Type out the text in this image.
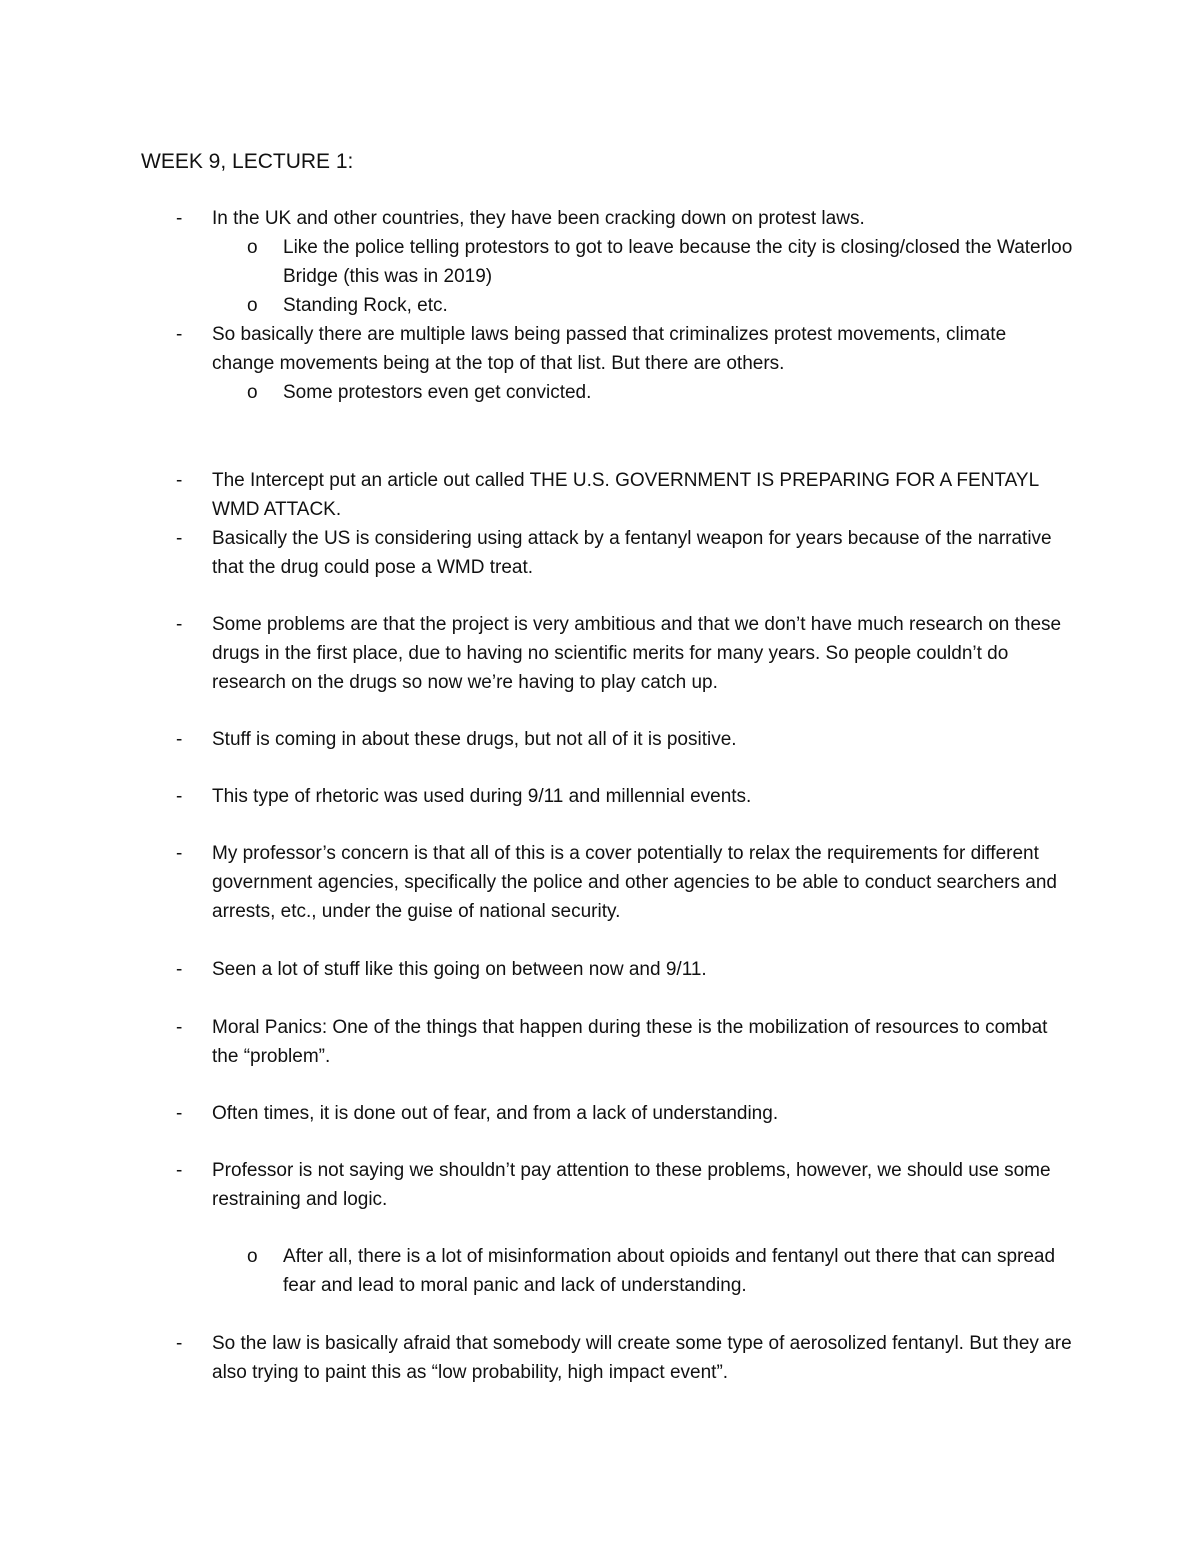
WEEK 9, LECTURE 1:
- In the UK and other countries, they have been cracking down on protest laws.
o Like the police telling protestors to got to leave because the city is closing/closed the Waterloo Bridge (this was in 2019)
o Standing Rock, etc.
- So basically there are multiple laws being passed that criminalizes protest movements, climate change movements being at the top of that list. But there are others.
o Some protestors even get convicted.
- The Intercept put an article out called THE U.S. GOVERNMENT IS PREPARING FOR A FENTAYL WMD ATTACK.
- Basically the US is considering using attack by a fentanyl weapon for years because of the narrative that the drug could pose a WMD treat.
- Some problems are that the project is very ambitious and that we don’t have much research on these drugs in the first place, due to having no scientific merits for many years. So people couldn’t do research on the drugs so now we’re having to play catch up.
- Stuff is coming in about these drugs, but not all of it is positive.
- This type of rhetoric was used during 9/11 and millennial events.
- My professor’s concern is that all of this is a cover potentially to relax the requirements for different government agencies, specifically the police and other agencies to be able to conduct searchers and arrests, etc., under the guise of national security.
- Seen a lot of stuff like this going on between now and 9/11.
- Moral Panics: One of the things that happen during these is the mobilization of resources to combat the “problem”.
- Often times, it is done out of fear, and from a lack of understanding.
- Professor is not saying we shouldn’t pay attention to these problems, however, we should use some restraining and logic.
o After all, there is a lot of misinformation about opioids and fentanyl out there that can spread fear and lead to moral panic and lack of understanding.
- So the law is basically afraid that somebody will create some type of aerosolized fentanyl. But they are also trying to paint this as “low probability, high impact event”.
